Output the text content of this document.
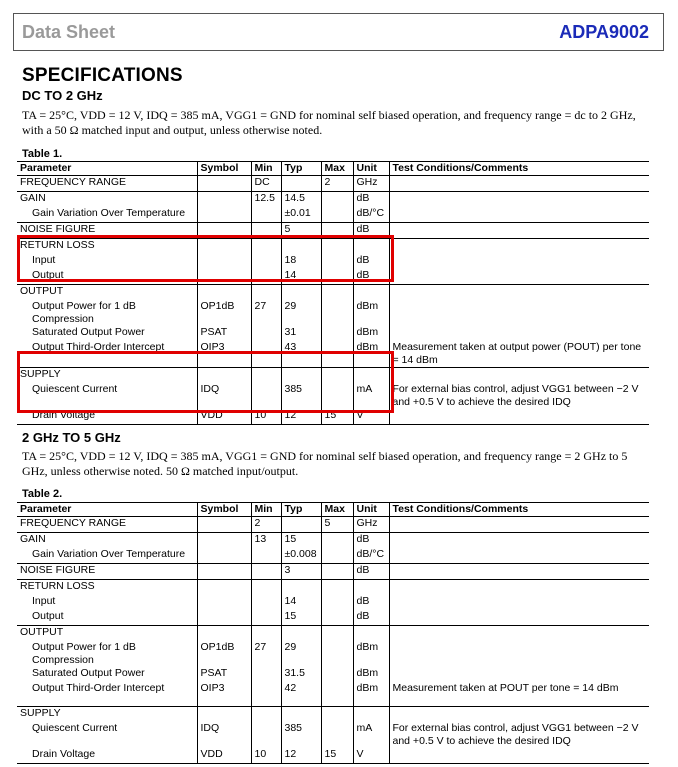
Data Sheet	ADPA9002
SPECIFICATIONS
DC TO 2 GHz
TA = 25°C, VDD = 12 V, IDQ = 385 mA, VGG1 = GND for nominal self biased operation, and frequency range = dc to 2 GHz, with a 50 Ω matched input and output, unless otherwise noted.
Table 1.
Parameter	Symbol	Min	Typ	Max	Unit	Test Conditions/Comments
FREQUENCY RANGE		DC		2	GHz	
GAIN		12.5	14.5		dB	
Gain Variation Over Temperature			±0.01		dB/°C	
NOISE FIGURE			5		dB	
RETURN LOSS						
Input			18		dB	
Output			14		dB	
OUTPUT						
Output Power for 1 dB Compression	OP1dB	27	29		dBm	
Saturated Output Power	PSAT		31		dBm	
Output Third-Order Intercept	OIP3		43		dBm	Measurement taken at output power (POUT) per tone = 14 dBm
SUPPLY						
Quiescent Current	IDQ		385		mA	For external bias control, adjust VGG1 between −2 V and +0.5 V to achieve the desired IDQ
Drain Voltage	VDD	10	12	15	V	
2 GHz TO 5 GHz
TA = 25°C, VDD = 12 V, IDQ = 385 mA, VGG1 = GND for nominal self biased operation, and frequency range = 2 GHz to 5 GHz, unless otherwise noted. 50 Ω matched input/output.
Table 2.
Parameter	Symbol	Min	Typ	Max	Unit	Test Conditions/Comments
FREQUENCY RANGE		2		5	GHz	
GAIN		13	15		dB	
Gain Variation Over Temperature			±0.008		dB/°C	
NOISE FIGURE			3		dB	
RETURN LOSS						
Input			14		dB	
Output			15		dB	
OUTPUT						
Output Power for 1 dB Compression	OP1dB	27	29		dBm	
Saturated Output Power	PSAT		31.5		dBm	
Output Third-Order Intercept	OIP3		42		dBm	Measurement taken at POUT per tone = 14 dBm
SUPPLY						
Quiescent Current	IDQ		385		mA	For external bias control, adjust VGG1 between −2 V and +0.5 V to achieve the desired IDQ
Drain Voltage	VDD	10	12	15	V	
